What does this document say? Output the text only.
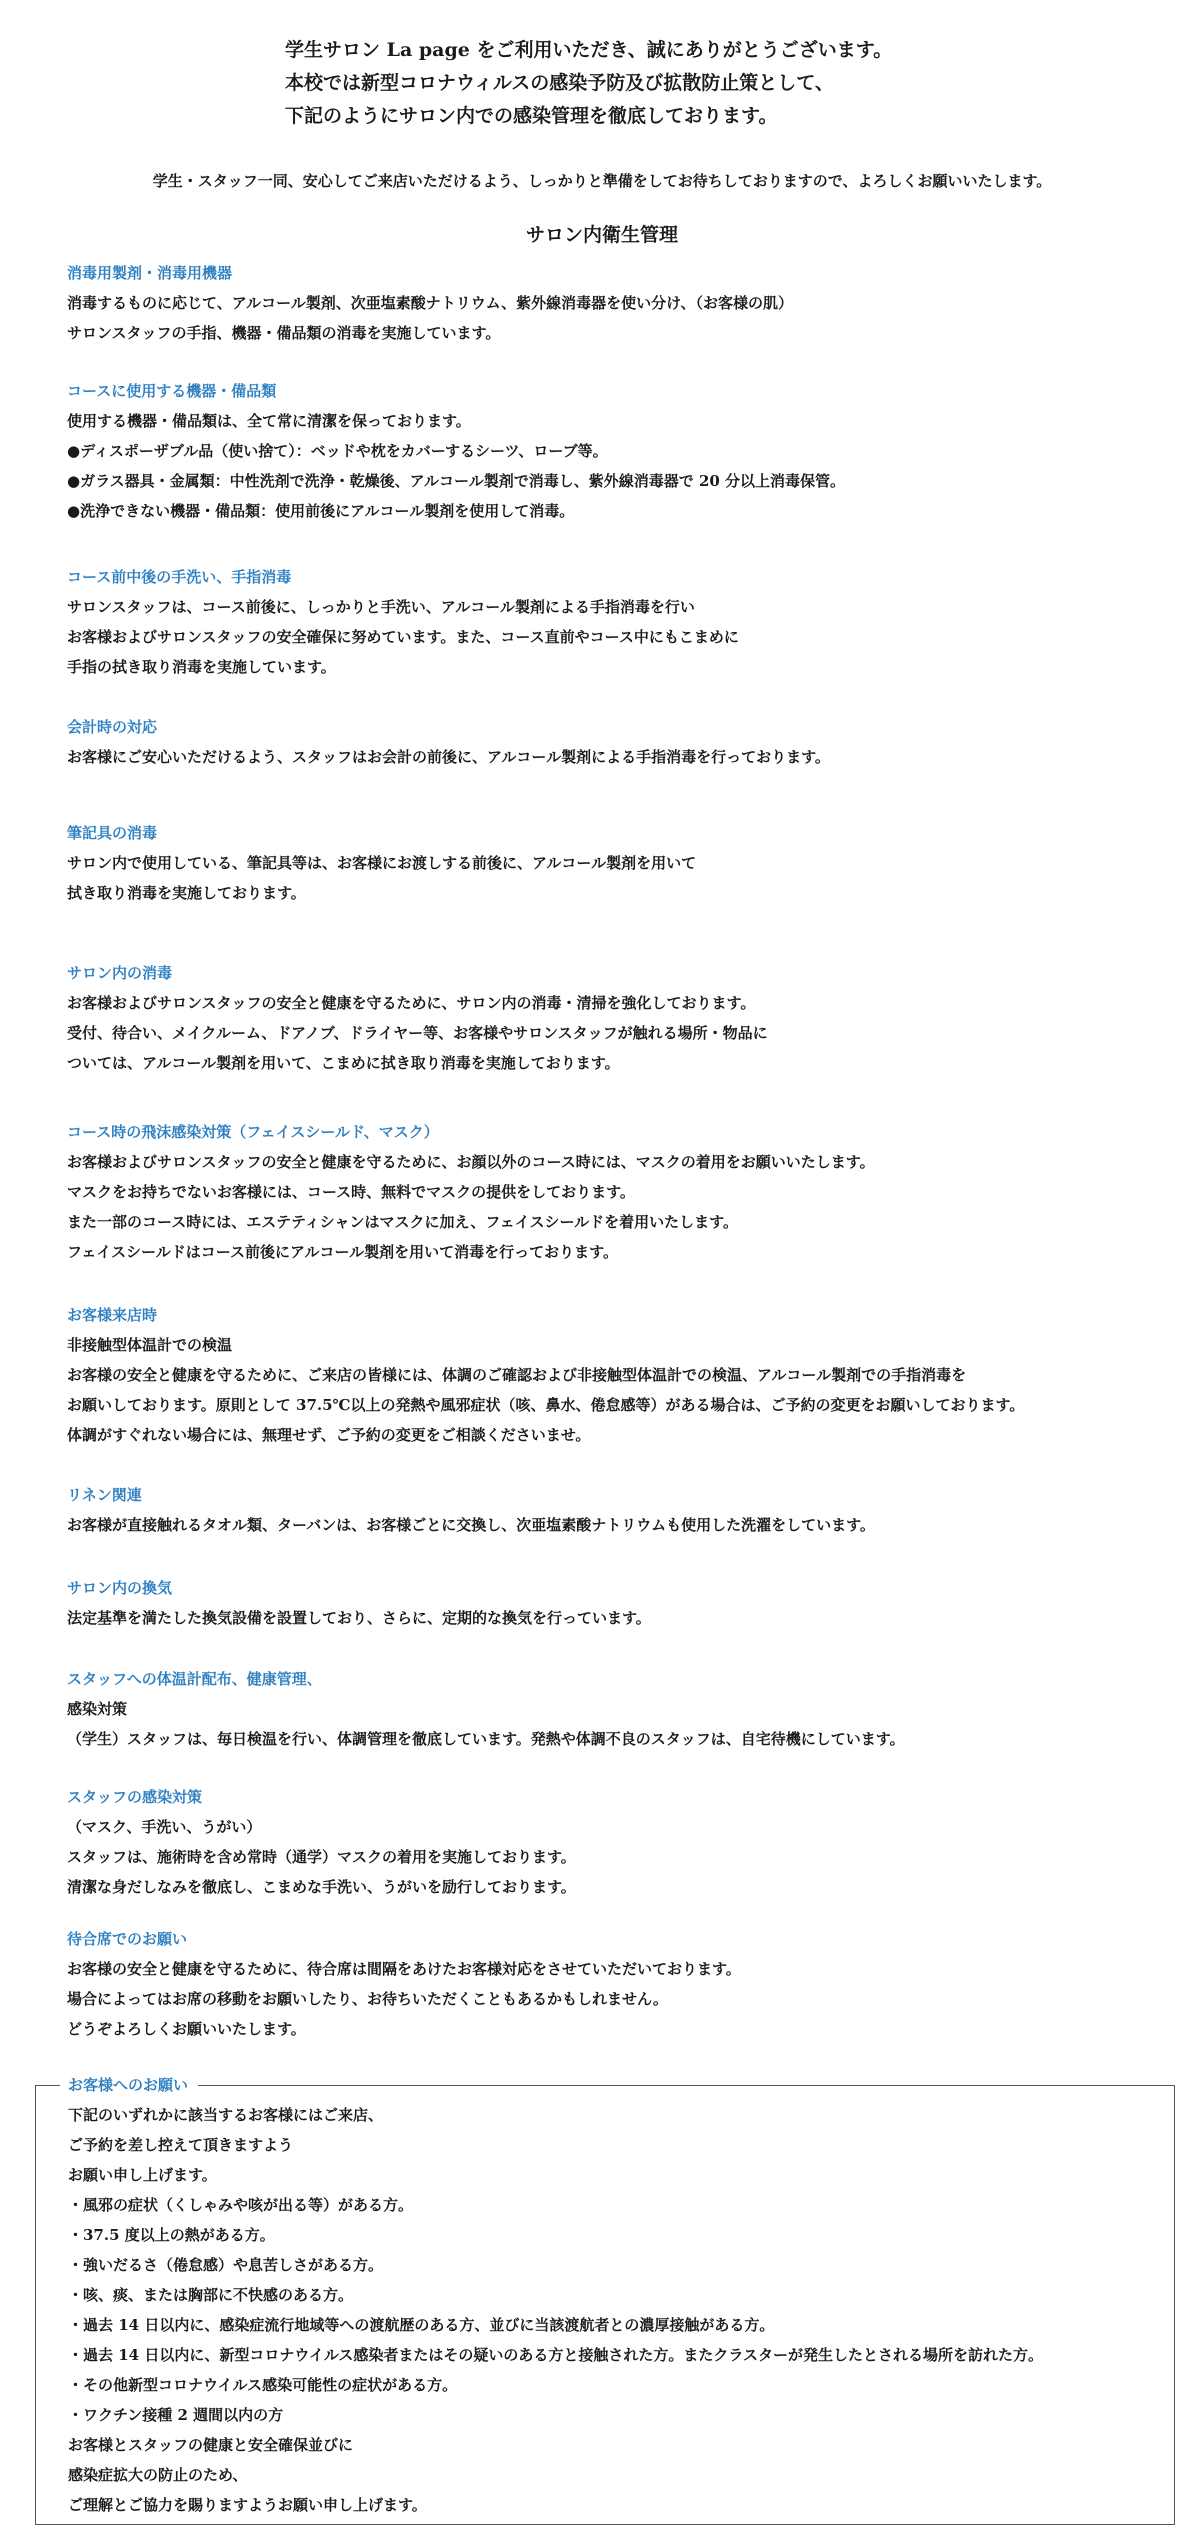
学生サロン La page をご利用いただき、誠にありがとうございます。

本校では新型コロナウィルスの感染予防及び拡散防止策として、

下記のようにサロン内での感染管理を徹底しております。

学生・スタッフ一同、安心してご来店いただけるよう、しっかりと準備をしてお待ちしておりますので、よろしくお願いいたします。

サロン内衛生管理
消毒用製剤・消毒用機器

消毒するものに応じて、アルコール製剤、次亜塩素酸ナトリウム、紫外線消毒器を使い分け、（お客様の肌）

サロンスタッフの手指、機器・備品類の消毒を実施しています。

コースに使用する機器・備品類

使用する機器・備品類は、全て常に清潔を保っております。

●ディスポーザブル品（使い捨て）：ベッドや枕をカバーするシーツ、ローブ等。

●ガラス器具・金属類：中性洗剤で洗浄・乾燥後、アルコール製剤で消毒し、紫外線消毒器で 20 分以上消毒保管。

●洗浄できない機器・備品類：使用前後にアルコール製剤を使用して消毒。

コース前中後の手洗い、手指消毒

サロンスタッフは、コース前後に、しっかりと手洗い、アルコール製剤による手指消毒を行い

お客様およびサロンスタッフの安全確保に努めています。また、コース直前やコース中にもこまめに

手指の拭き取り消毒を実施しています。

会計時の対応

お客様にご安心いただけるよう、スタッフはお会計の前後に、アルコール製剤による手指消毒を行っております。

筆記具の消毒

サロン内で使用している、筆記具等は、お客様にお渡しする前後に、アルコール製剤を用いて

拭き取り消毒を実施しております。

サロン内の消毒

お客様およびサロンスタッフの安全と健康を守るために、サロン内の消毒・清掃を強化しております。

受付、待合い、メイクルーム、ドアノブ、ドライヤー等、お客様やサロンスタッフが触れる場所・物品に

ついては、アルコール製剤を用いて、こまめに拭き取り消毒を実施しております。

コース時の飛沫感染対策（フェイスシールド、マスク）

お客様およびサロンスタッフの安全と健康を守るために、お顔以外のコース時には、マスクの着用をお願いいたします。

マスクをお持ちでないお客様には、コース時、無料でマスクの提供をしております。

また一部のコース時には、エステティシャンはマスクに加え、フェイスシールドを着用いたします。

フェイスシールドはコース前後にアルコール製剤を用いて消毒を行っております。

お客様来店時

非接触型体温計での検温

お客様の安全と健康を守るために、ご来店の皆様には、体調のご確認および非接触型体温計での検温、アルコール製剤での手指消毒を

お願いしております。原則として 37.5℃以上の発熱や風邪症状（咳、鼻水、倦怠感等）がある場合は、ご予約の変更をお願いしております。

体調がすぐれない場合には、無理せず、ご予約の変更をご相談くださいませ。

リネン関連

お客様が直接触れるタオル類、ターバンは、お客様ごとに交換し、次亜塩素酸ナトリウムも使用した洗濯をしています。

サロン内の換気

法定基準を満たした換気設備を設置しており、さらに、定期的な換気を行っています。

スタッフへの体温計配布、健康管理、

感染対策

（学生）スタッフは、毎日検温を行い、体調管理を徹底しています。発熱や体調不良のスタッフは、自宅待機にしています。

スタッフの感染対策

（マスク、手洗い、うがい）

スタッフは、施術時を含め常時（通学）マスクの着用を実施しております。

清潔な身だしなみを徹底し、こまめな手洗い、うがいを励行しております。

待合席でのお願い

お客様の安全と健康を守るために、待合席は間隔をあけたお客様対応をさせていただいております。

場合によってはお席の移動をお願いしたり、お待ちいただくこともあるかもしれません。

どうぞよろしくお願いいたします。

お客様へのお願い

下記のいずれかに該当するお客様にはご来店、

ご予約を差し控えて頂きますよう

お願い申し上げます。

・風邪の症状（くしゃみや咳が出る等）がある方。

・37.5 度以上の熱がある方。

・強いだるさ（倦怠感）や息苦しさがある方。

・咳、痰、または胸部に不快感のある方。

・過去 14 日以内に、感染症流行地域等への渡航歴のある方、並びに当該渡航者との濃厚接触がある方。

・過去 14 日以内に、新型コロナウイルス感染者またはその疑いのある方と接触された方。またクラスターが発生したとされる場所を訪れた方。

・その他新型コロナウイルス感染可能性の症状がある方。

・ワクチン接種 2 週間以内の方

お客様とスタッフの健康と安全確保並びに

感染症拡大の防止のため、

ご理解とご協力を賜りますようお願い申し上げます。
